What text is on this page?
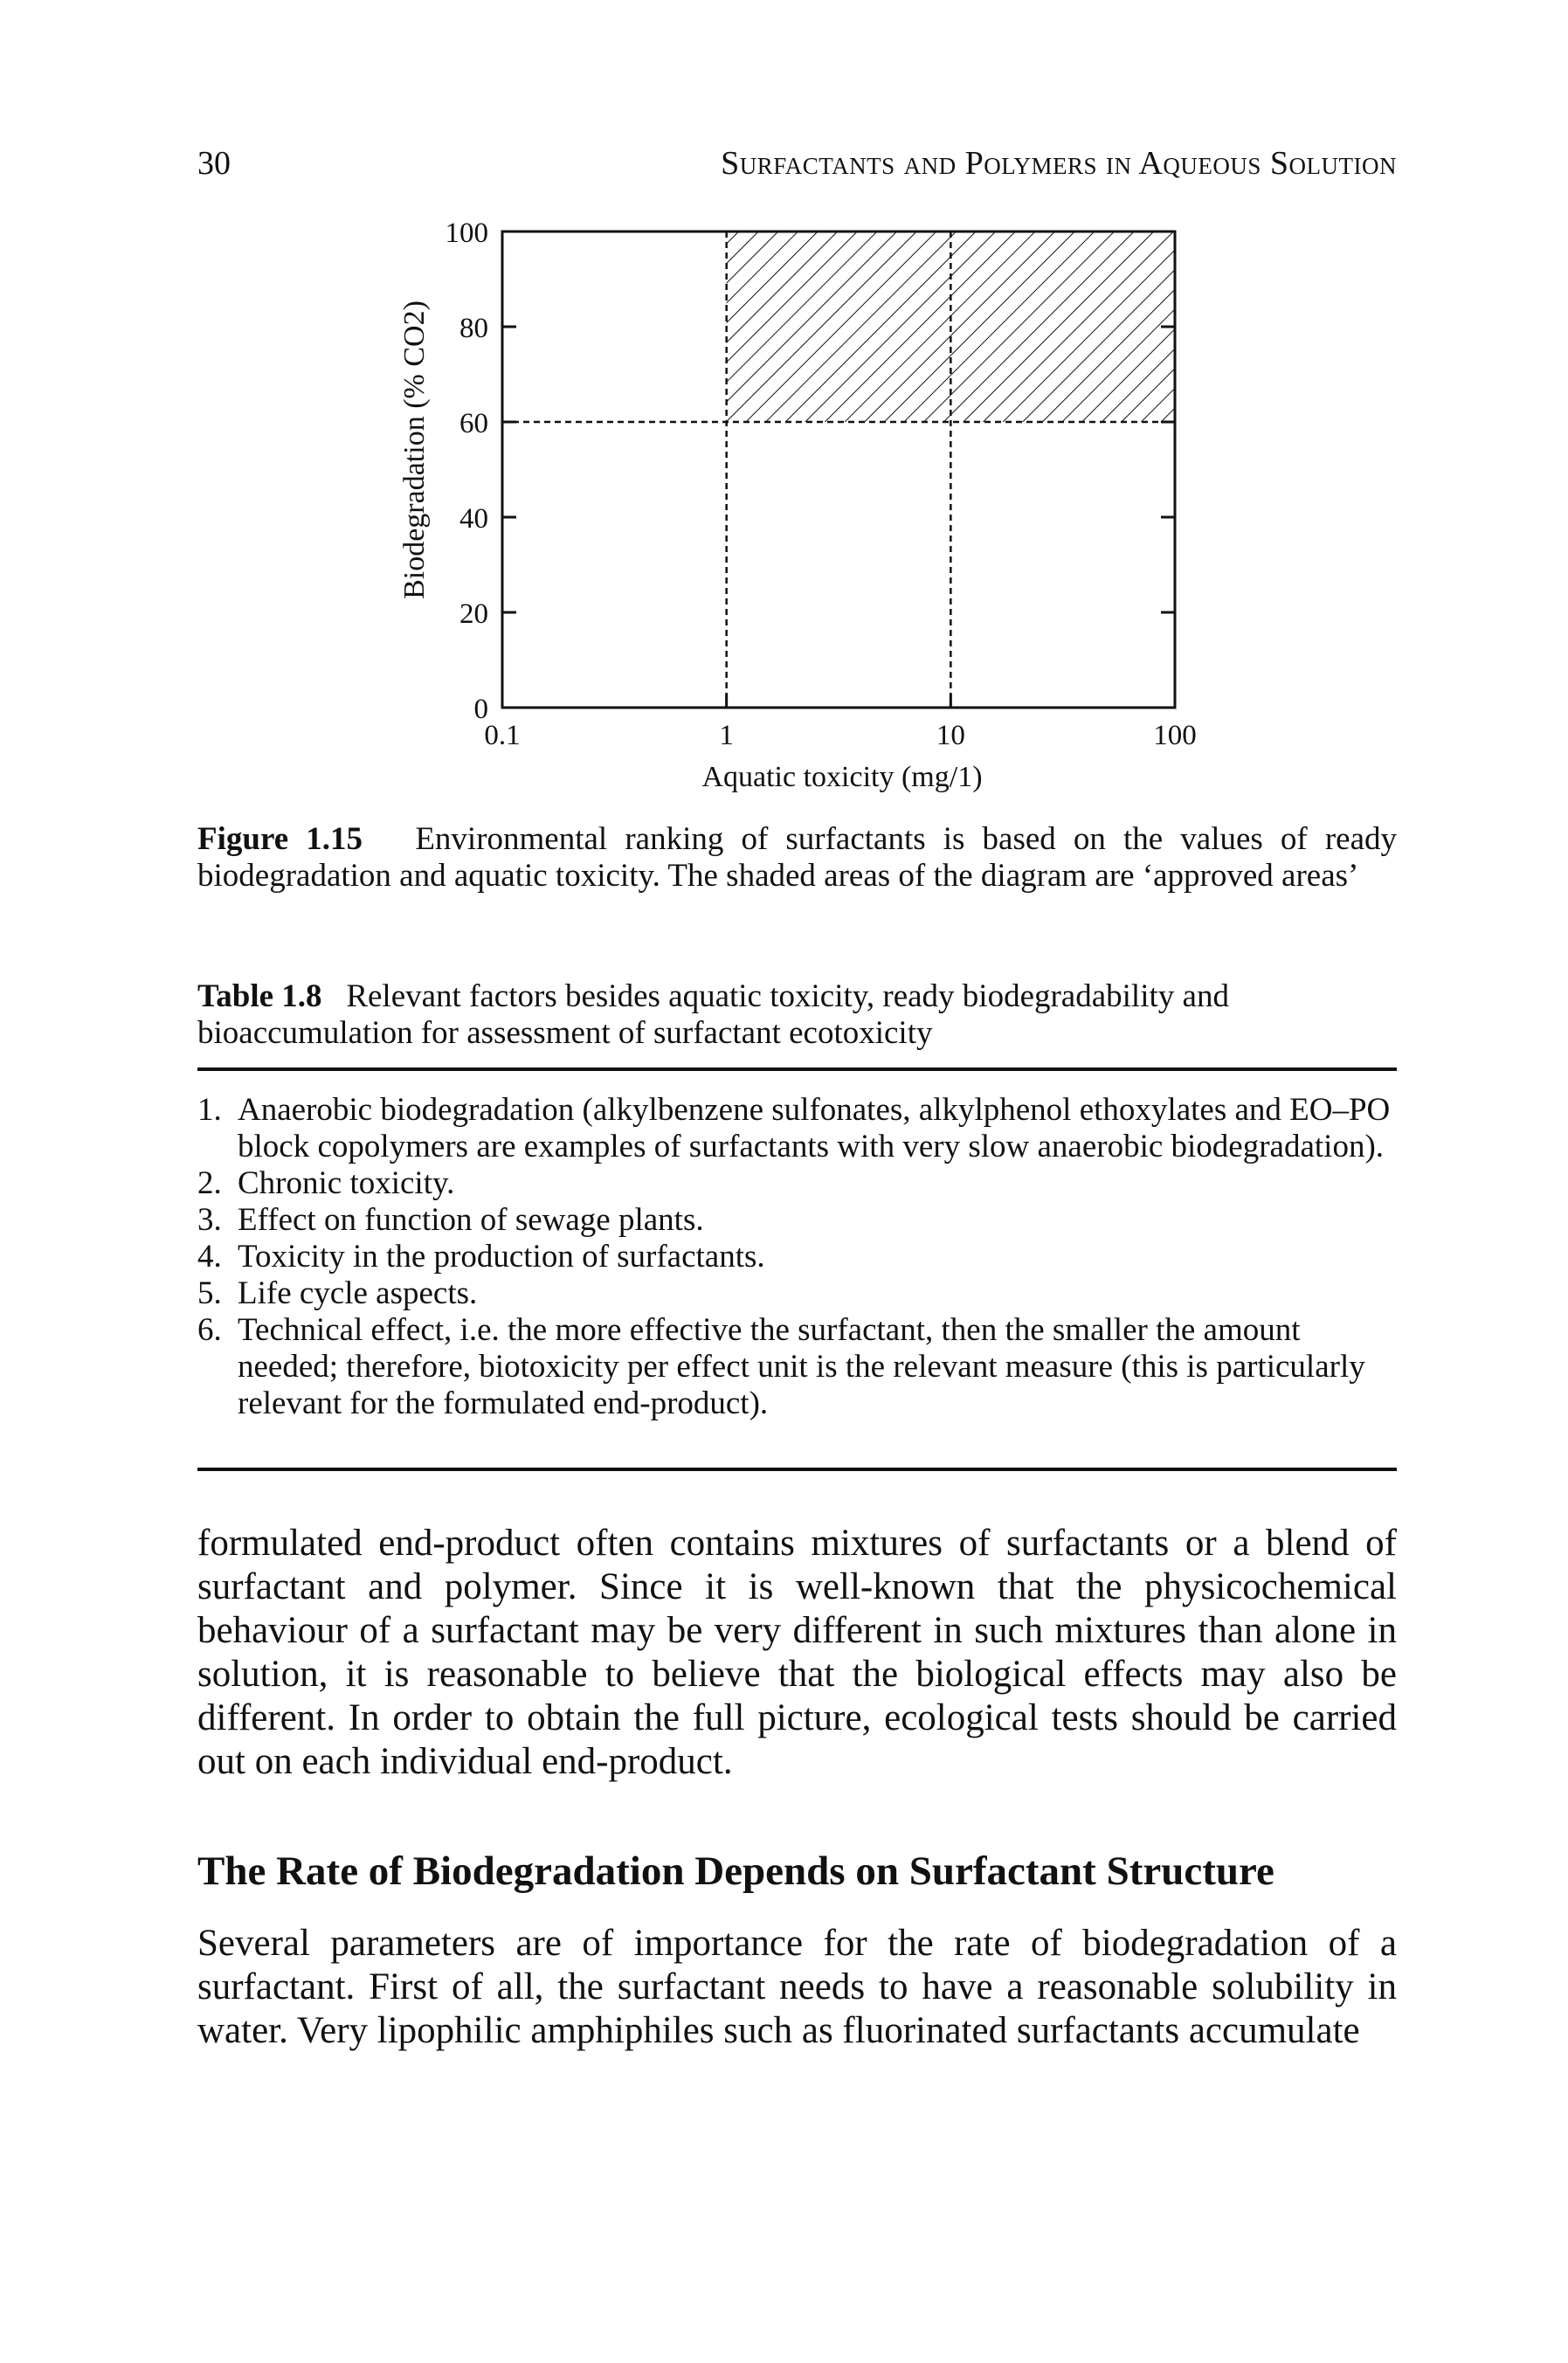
30	Surfactants and Polymers in Aqueous Solution
0
20
40
60
80
100
0.1	1	10	100
Biodegradation (% CO2)
Aquatic toxicity (mg/1)
Figure 1.15 Environmental ranking of surfactants is based on the values of ready biodegradation and aquatic toxicity. The shaded areas of the diagram are ‘approved areas’
Table 1.8 Relevant factors besides aquatic toxicity, ready biodegradability and bioaccumulation for assessment of surfactant ecotoxicity
1. Anaerobic biodegradation (alkylbenzene sulfonates, alkylphenol ethoxylates and EO–PO block copolymers are examples of surfactants with very slow anaerobic biodegradation).
2. Chronic toxicity.
3. Effect on function of sewage plants.
4. Toxicity in the production of surfactants.
5. Life cycle aspects.
6. Technical effect, i.e. the more effective the surfactant, then the smaller the amount needed; therefore, biotoxicity per effect unit is the relevant measure (this is particularly relevant for the formulated end-product).

formulated end-product often contains mixtures of surfactants or a blend of surfactant and polymer. Since it is well-known that the physicochemical behaviour of a surfactant may be very different in such mixtures than alone in solution, it is reasonable to believe that the biological effects may also be different. In order to obtain the full picture, ecological tests should be carried out on each individual end-product.

The Rate of Biodegradation Depends on Surfactant Structure

Several parameters are of importance for the rate of biodegradation of a surfactant. First of all, the surfactant needs to have a reasonable solubility in water. Very lipophilic amphiphiles such as fluorinated surfactants accumulate
